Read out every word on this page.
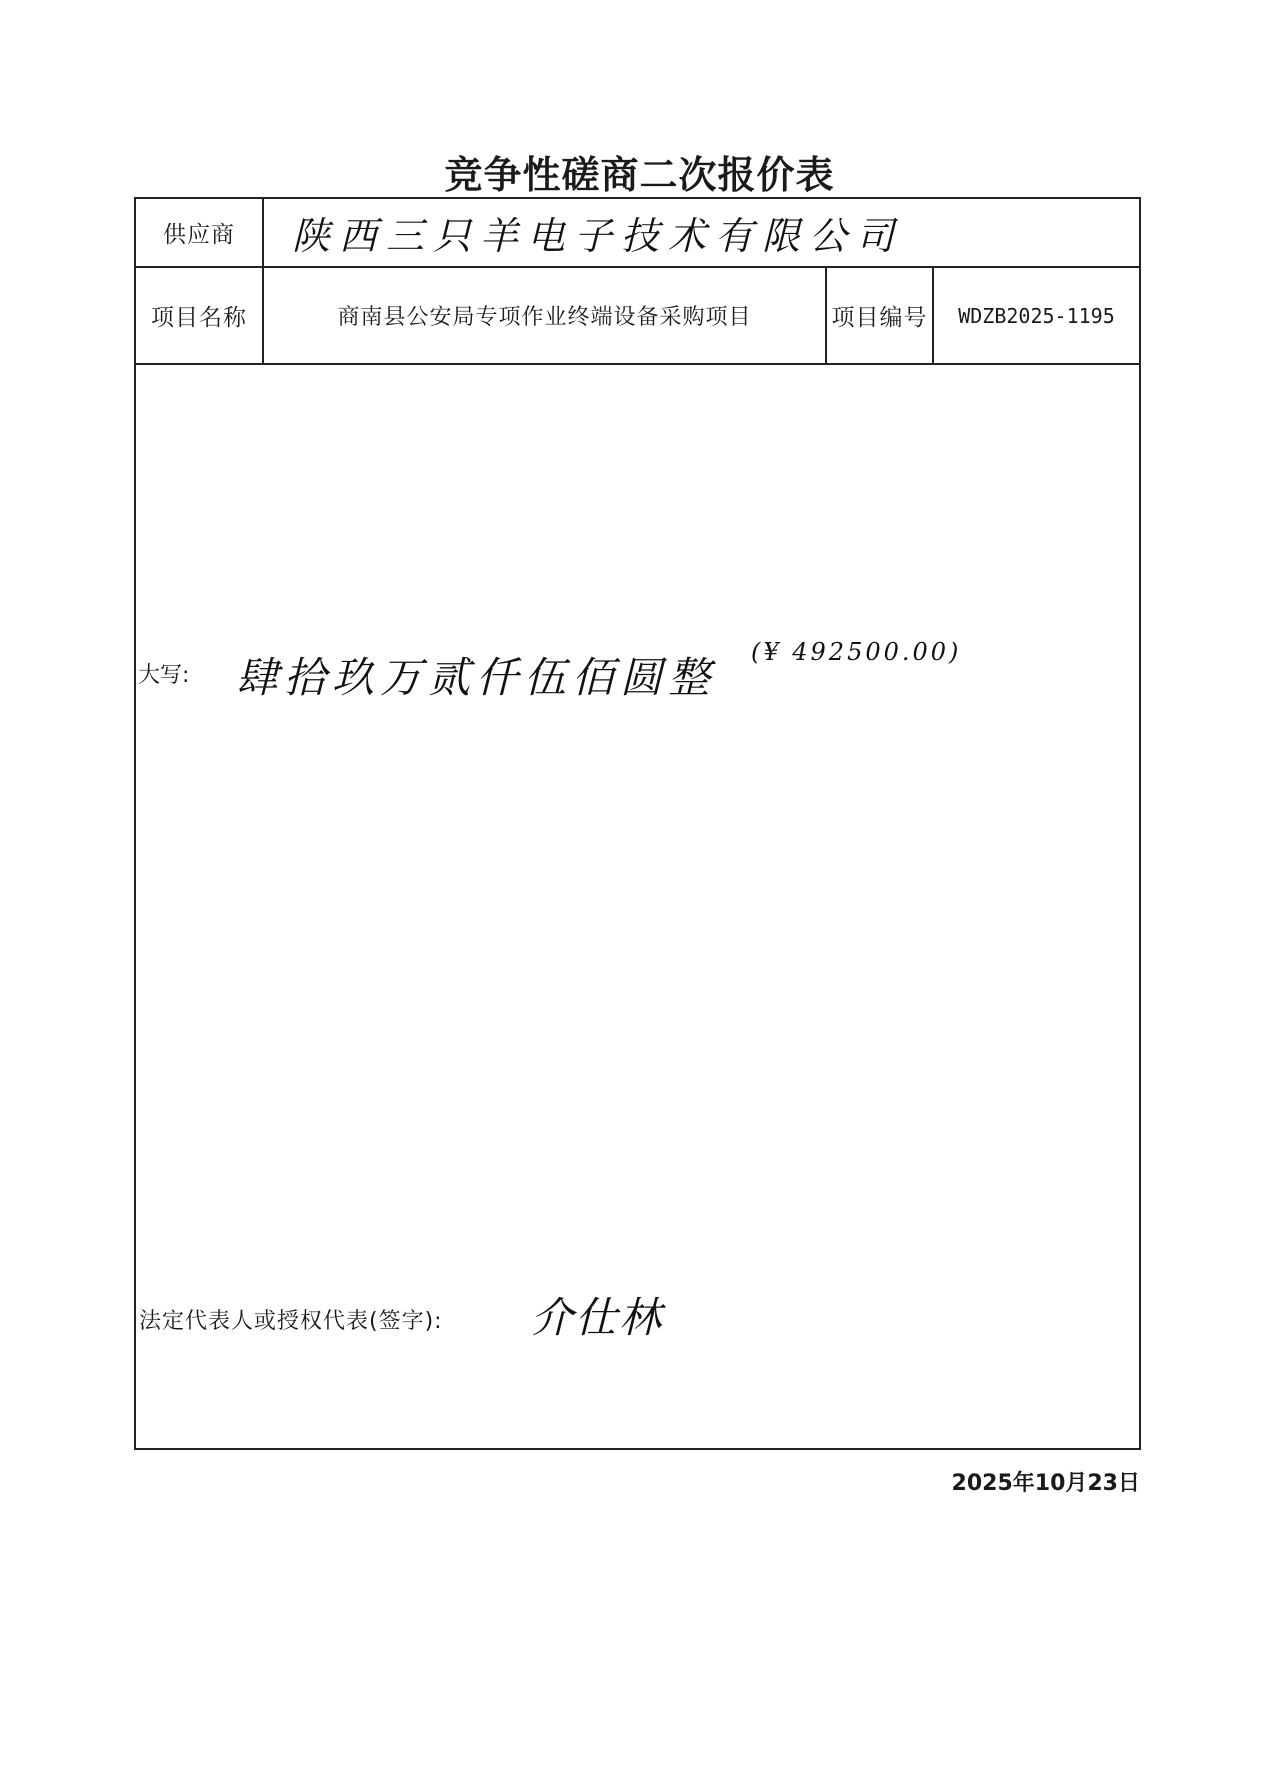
竞争性磋商二次报价表
供应商	陕西三只羊电子技术有限公司
项目名称	商南县公安局专项作业终端设备采购项目	项目编号	WDZB2025-1195
大写: 肆拾玖万贰仟伍佰圆整
(¥ 492500.00)
法定代表人或授权代表(签字): 介仕林
2025年10月23日
